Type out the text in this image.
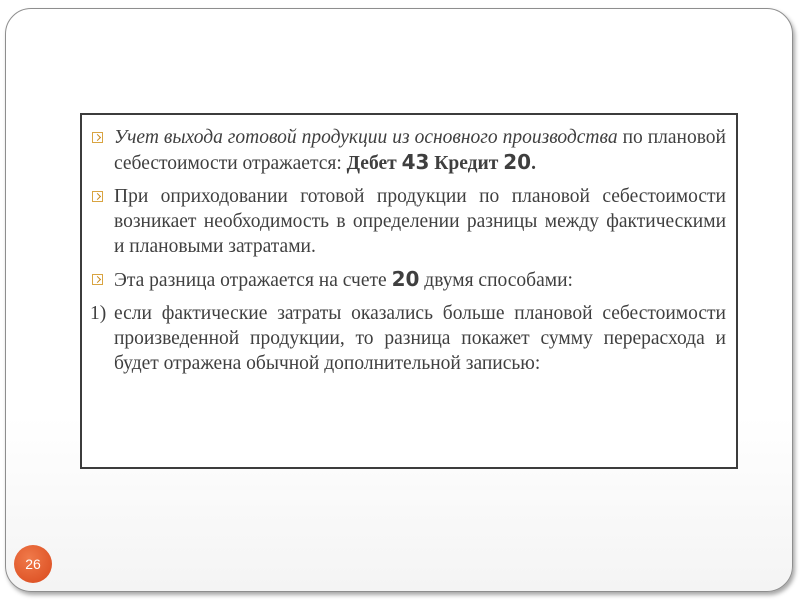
Учет выхода готовой продукции из основного производства по плановой себестоимости отражается: Дебет 43 Кредит 20.
При оприходовании готовой продукции по плановой себестоимости возникает необходимость в определении разницы между фактическими и плановыми затратами.
Эта разница отражается на счете 20 двумя способами:
1) если фактические затраты оказались больше плановой себестоимости произведенной продукции, то разница покажет сумму перерасхода и будет отражена обычной дополнительной записью:
26
